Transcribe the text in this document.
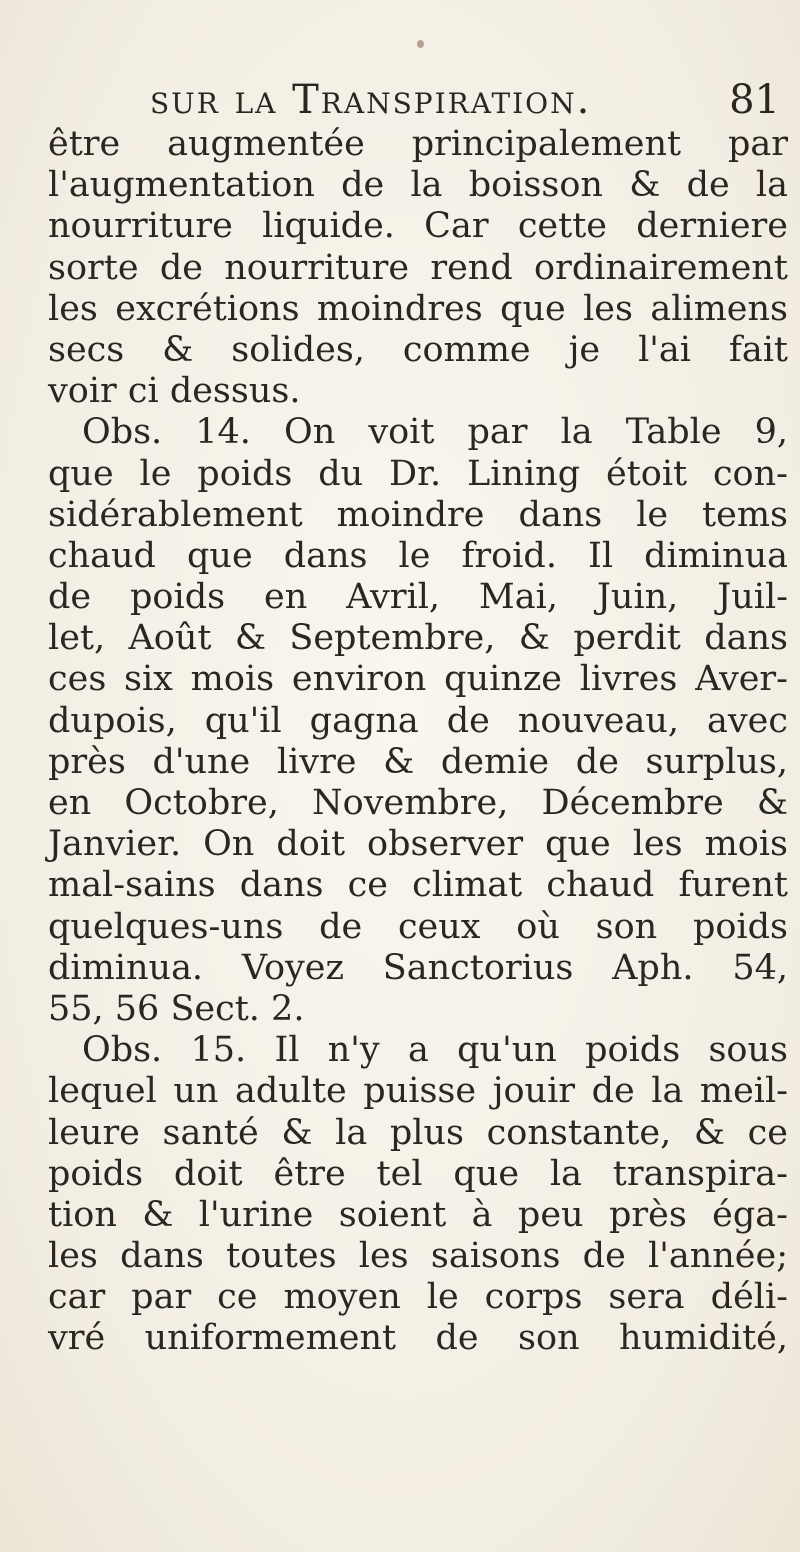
sur la Transpiration.	81
être augmentée principalement par
l'augmentation de la boisson & de la
nourriture liquide. Car cette derniere
sorte de nourriture rend ordinairement
les excrétions moindres que les alimens
secs & solides, comme je l'ai fait
voir ci dessus.
Obs. 14. On voit par la Table 9,
que le poids du Dr. Lining étoit con-
sidérablement moindre dans le tems
chaud que dans le froid. Il diminua
de poids en Avril, Mai, Juin, Juil-
let, Août & Septembre, & perdit dans
ces six mois environ quinze livres Aver-
dupois, qu'il gagna de nouveau, avec
près d'une livre & demie de surplus,
en Octobre, Novembre, Décembre &
Janvier. On doit observer que les mois
mal-sains dans ce climat chaud furent
quelques-uns de ceux où son poids
diminua. Voyez Sanctorius Aph. 54,
55, 56 Sect. 2.
Obs. 15. Il n'y a qu'un poids sous
lequel un adulte puisse jouir de la meil-
leure santé & la plus constante, & ce
poids doit être tel que la transpira-
tion & l'urine soient à peu près éga-
les dans toutes les saisons de l'année;
car par ce moyen le corps sera déli-
vré uniformement de son humidité,
